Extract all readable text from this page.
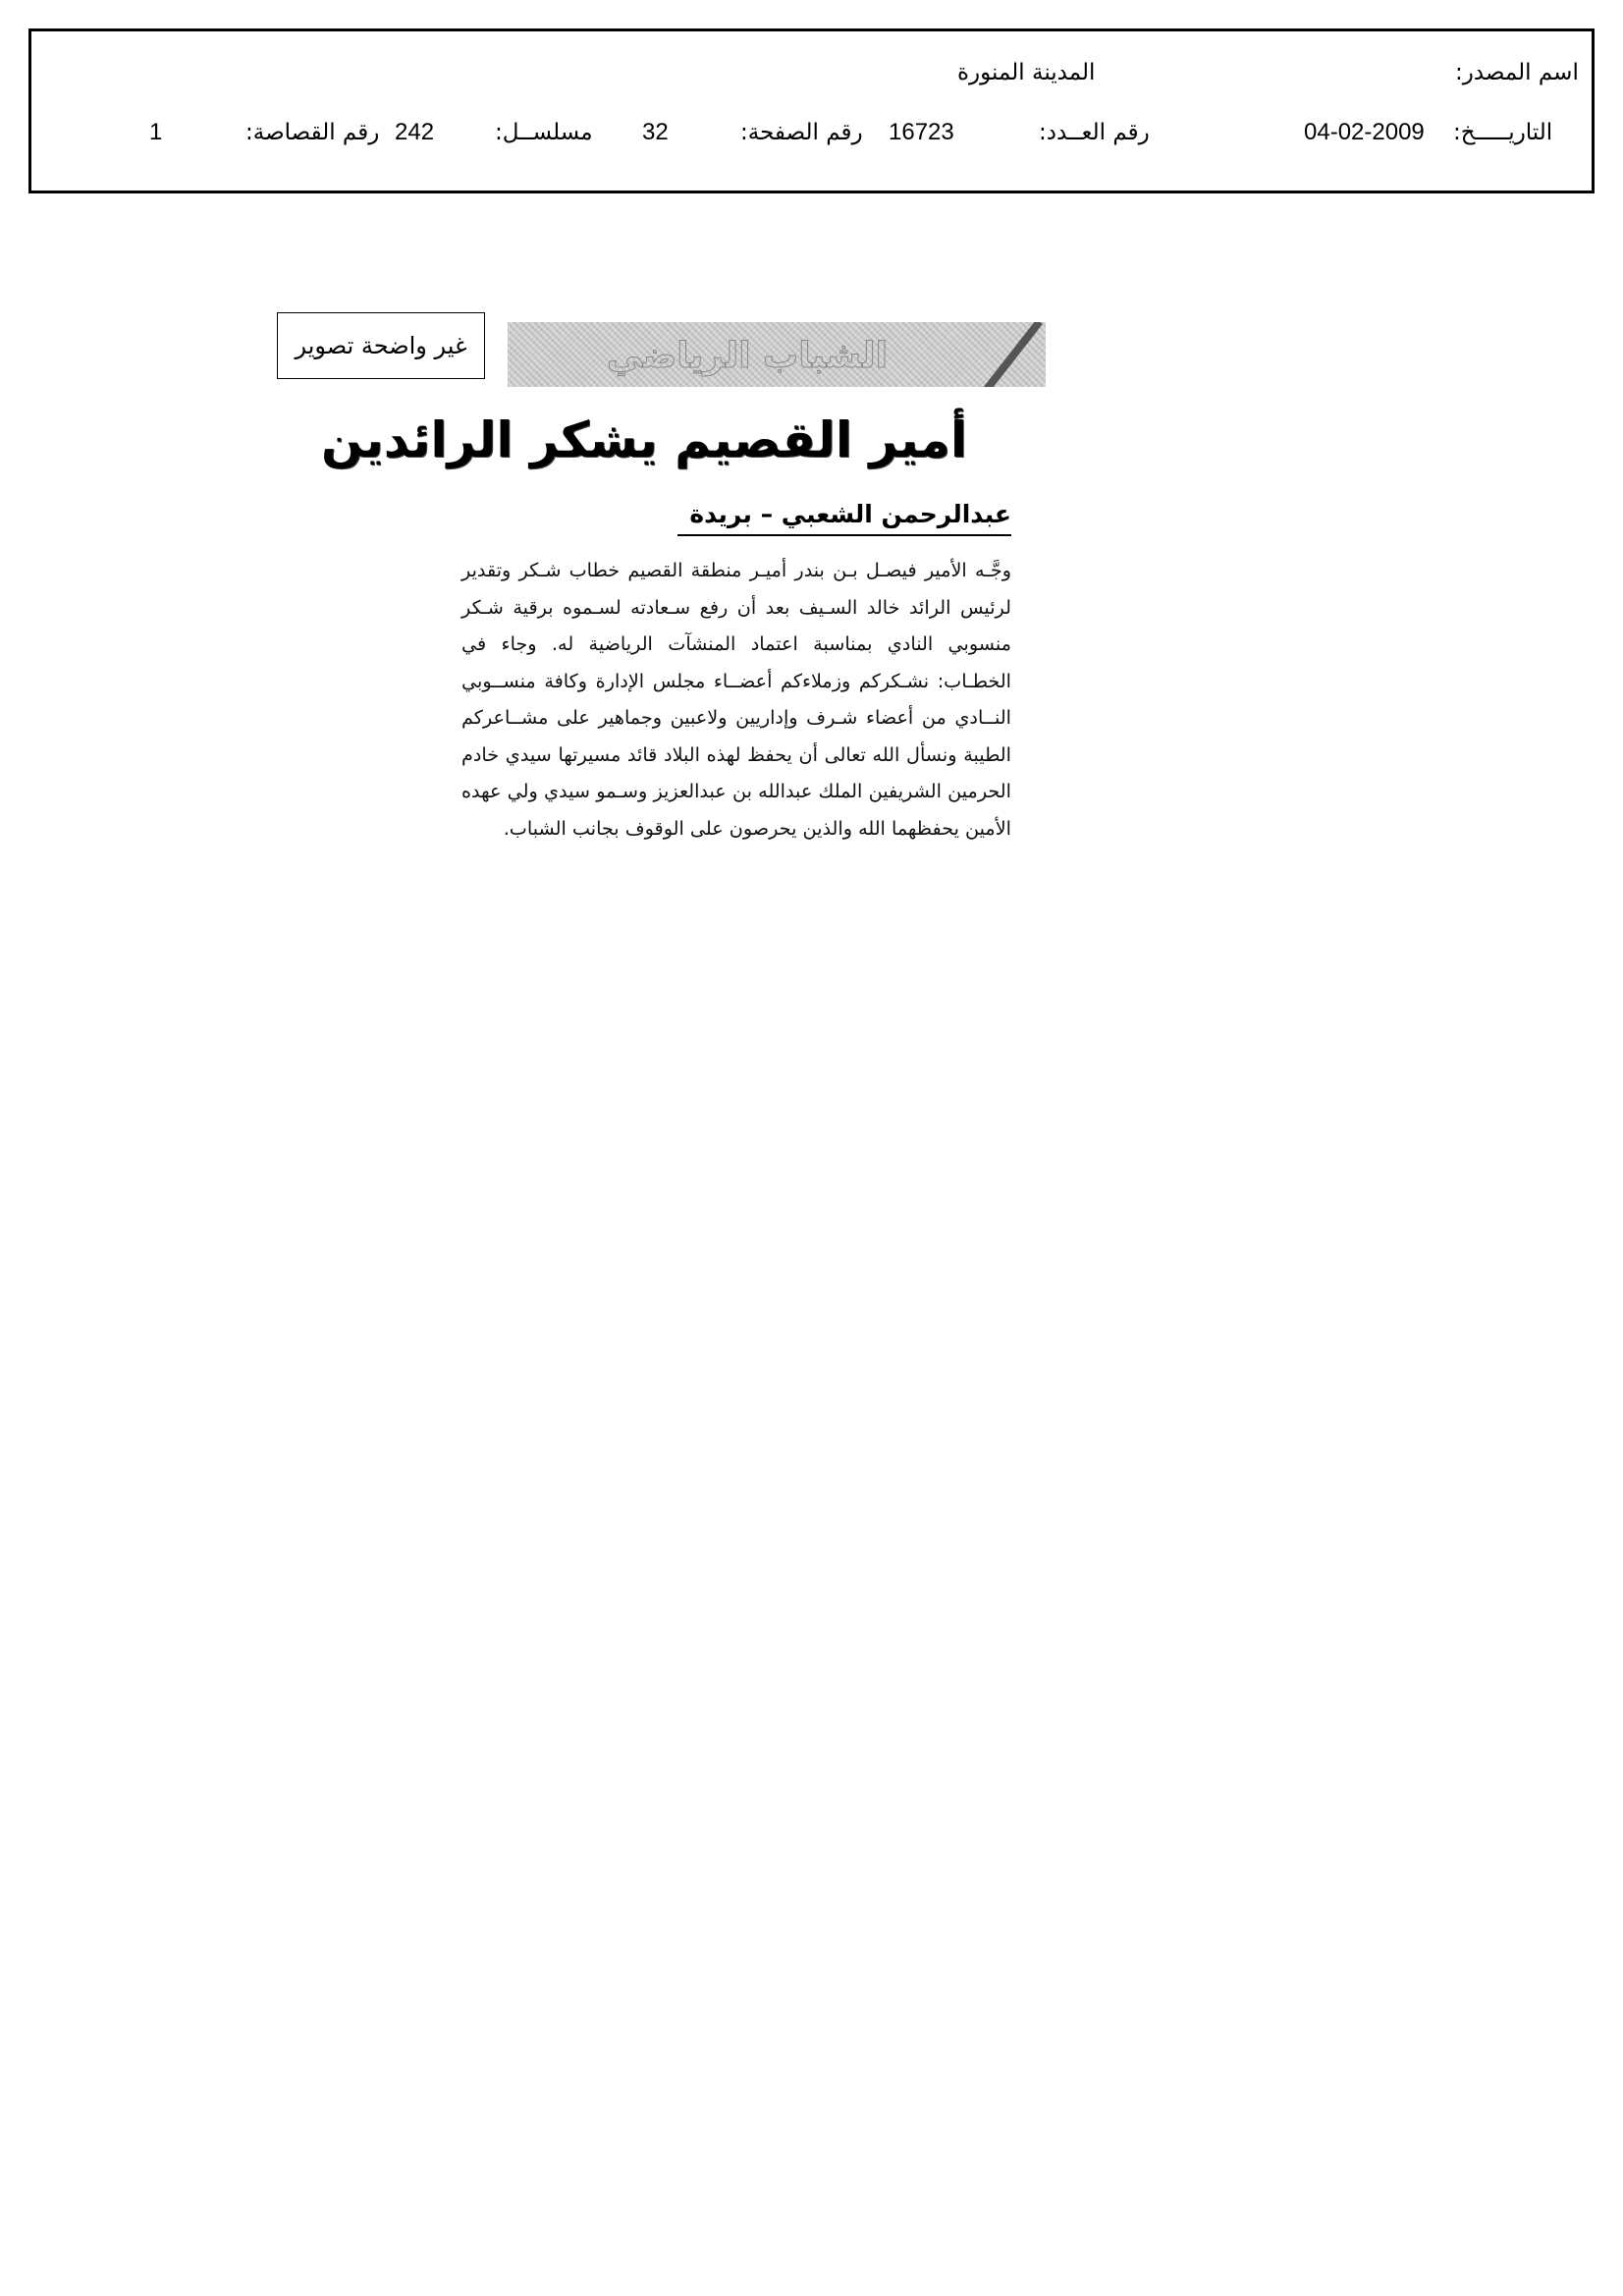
اسم المصدر:
المدينة المنورة
التاريـــــخ:
04-02-2009
رقم العــدد:
16723
رقم الصفحة:
32
مسلســل:
242
رقم القصاصة:
1
غير واضحة تصوير	الشباب الرياضي
أمير القصيم يشكر الرائدين
عبدالرحمن الشعبي – بريدة
وجَّـه الأمير فيصـل بـن بندر أميـر منطقة القصيم خطاب شـكر وتقدير لرئيس الرائد خالد السـيف بعد أن رفع سـعادته لسـموه برقية شـكر منسوبي النادي بمناسبة اعتماد المنشآت الرياضية له. وجاء في الخطـاب: نشـكركم وزملاءكم أعضــاء مجلس الإدارة وكافة منســوبي النــادي من أعضاء شـرف وإداريين ولاعبين وجماهير على مشــاعركم الطيبة ونسأل الله تعالى أن يحفظ لهذه البلاد قائد مسيرتها سيدي خادم الحرمين الشريفين الملك عبدالله بن عبدالعزيز وسـمو سيدي ولي عهده الأمين يحفظهما الله والذين يحرصون على الوقوف بجانب الشباب.
